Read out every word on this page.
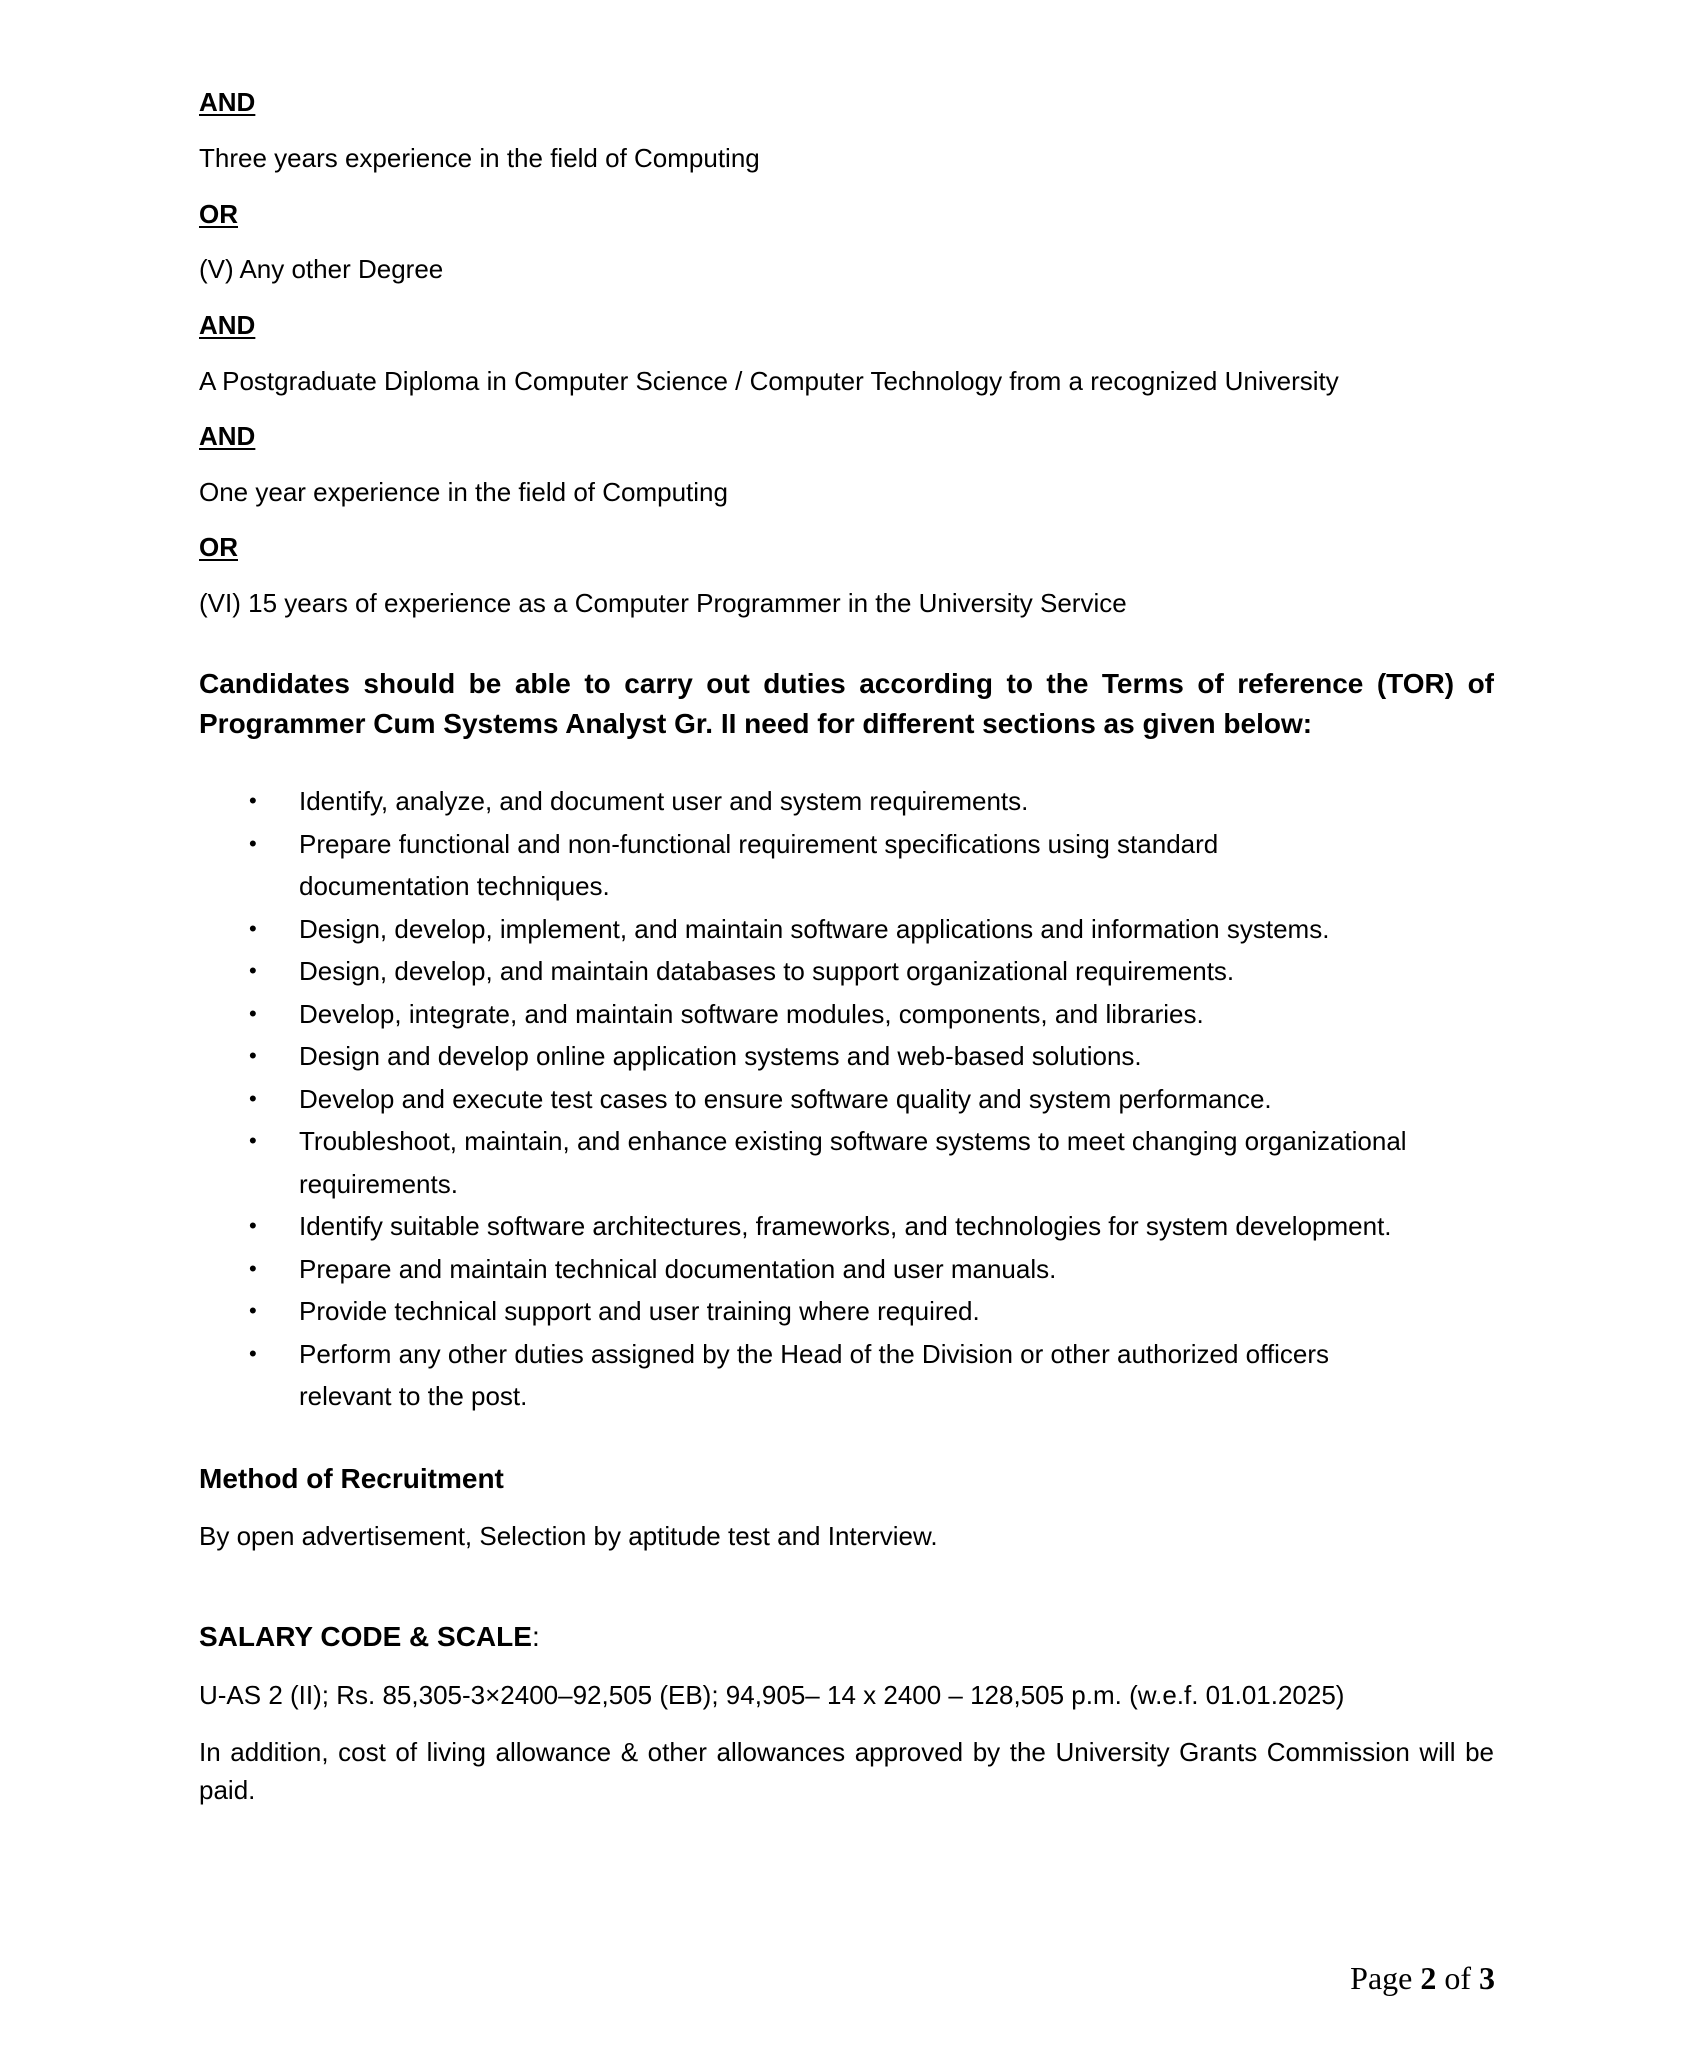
AND

Three years experience in the field of Computing

OR

(V) Any other Degree

AND

A Postgraduate Diploma in Computer Science / Computer Technology from a recognized University

AND

One year experience in the field of Computing

OR

(VI) 15 years of experience as a Computer Programmer in the University Service

Candidates should be able to carry out duties according to the Terms of reference (TOR) of Programmer Cum Systems Analyst Gr. II need for different sections as given below:

• Identify, analyze, and document user and system requirements.
• Prepare functional and non-functional requirement specifications using standard documentation techniques.
• Design, develop, implement, and maintain software applications and information systems.
• Design, develop, and maintain databases to support organizational requirements.
• Develop, integrate, and maintain software modules, components, and libraries.
• Design and develop online application systems and web-based solutions.
• Develop and execute test cases to ensure software quality and system performance.
• Troubleshoot, maintain, and enhance existing software systems to meet changing organizational requirements.
• Identify suitable software architectures, frameworks, and technologies for system development.
• Prepare and maintain technical documentation and user manuals.
• Provide technical support and user training where required.
• Perform any other duties assigned by the Head of the Division or other authorized officers relevant to the post.
Method of Recruitment

By open advertisement, Selection by aptitude test and Interview.

SALARY CODE & SCALE:

U-AS 2 (II); Rs. 85,305-3×2400–92,505 (EB); 94,905– 14 x 2400 – 128,505 p.m. (w.e.f. 01.01.2025)

In addition, cost of living allowance & other allowances approved by the University Grants Commission will be paid.

Page 2 of 3
